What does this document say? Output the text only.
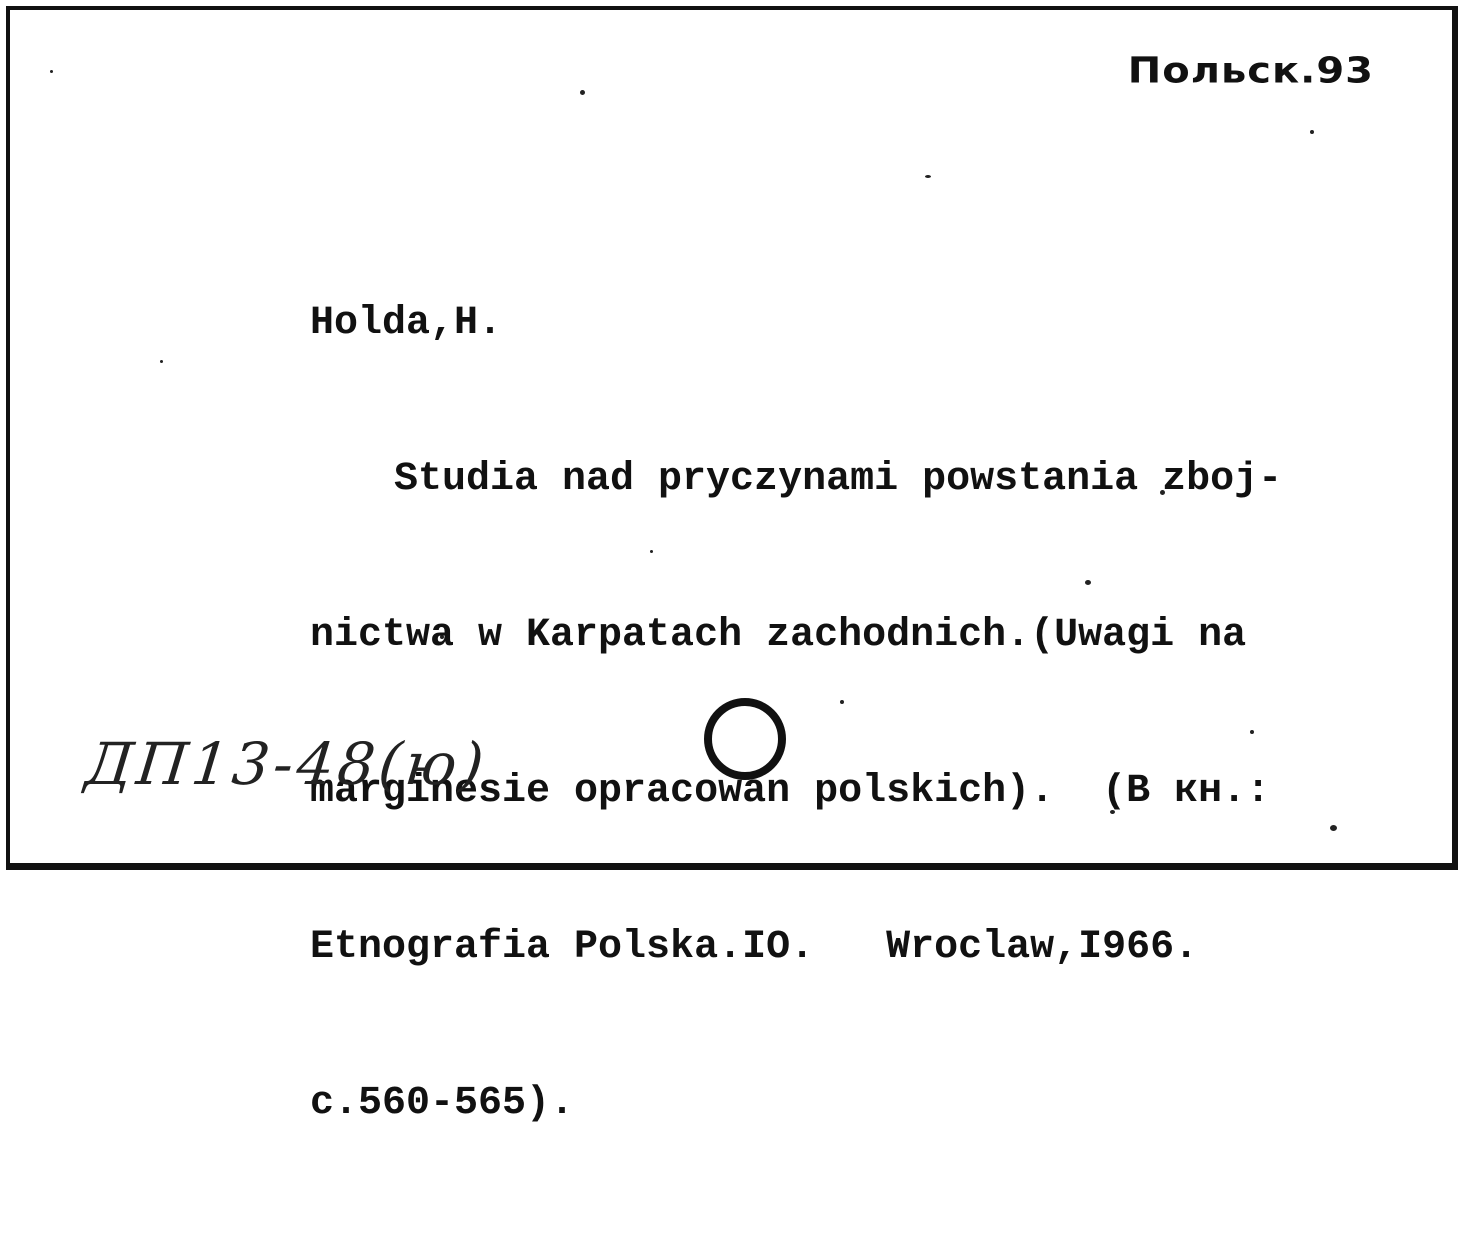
Польск.93

Holda,H.

Studia nad pryczynami powstania zboj-

nictwa w Karpatach zachodnich.(Uwagi na

marginesie opracowan polskich).  (B кн.:

Etnografia Polska.IO.   Wroclaw,I966.

c.560-565).

ДП13-48(ю)
